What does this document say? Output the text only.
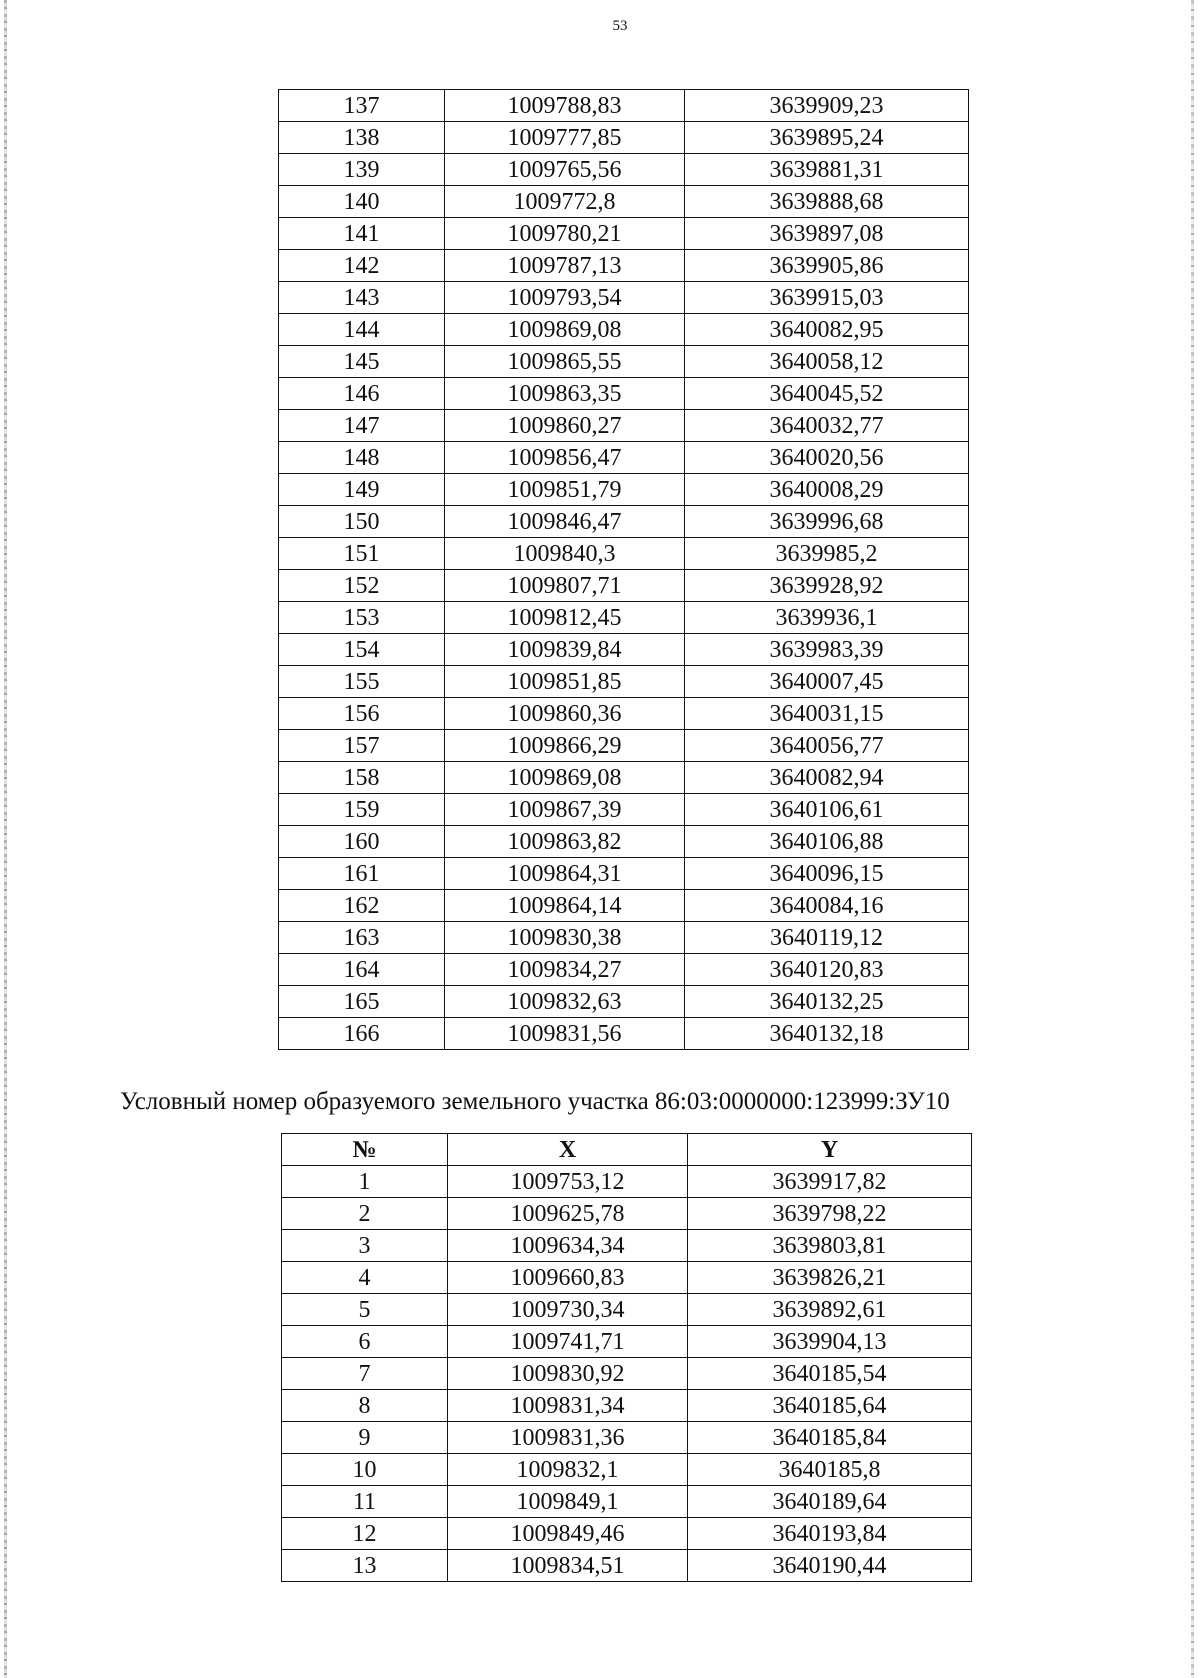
53
137	1009788,83	3639909,23
138	1009777,85	3639895,24
139	1009765,56	3639881,31
140	1009772,8	3639888,68
141	1009780,21	3639897,08
142	1009787,13	3639905,86
143	1009793,54	3639915,03
144	1009869,08	3640082,95
145	1009865,55	3640058,12
146	1009863,35	3640045,52
147	1009860,27	3640032,77
148	1009856,47	3640020,56
149	1009851,79	3640008,29
150	1009846,47	3639996,68
151	1009840,3	3639985,2
152	1009807,71	3639928,92
153	1009812,45	3639936,1
154	1009839,84	3639983,39
155	1009851,85	3640007,45
156	1009860,36	3640031,15
157	1009866,29	3640056,77
158	1009869,08	3640082,94
159	1009867,39	3640106,61
160	1009863,82	3640106,88
161	1009864,31	3640096,15
162	1009864,14	3640084,16
163	1009830,38	3640119,12
164	1009834,27	3640120,83
165	1009832,63	3640132,25
166	1009831,56	3640132,18
Условный номер образуемого земельного участка 86:03:0000000:123999:ЗУ10
№	X	Y
1	1009753,12	3639917,82
2	1009625,78	3639798,22
3	1009634,34	3639803,81
4	1009660,83	3639826,21
5	1009730,34	3639892,61
6	1009741,71	3639904,13
7	1009830,92	3640185,54
8	1009831,34	3640185,64
9	1009831,36	3640185,84
10	1009832,1	3640185,8
11	1009849,1	3640189,64
12	1009849,46	3640193,84
13	1009834,51	3640190,44
